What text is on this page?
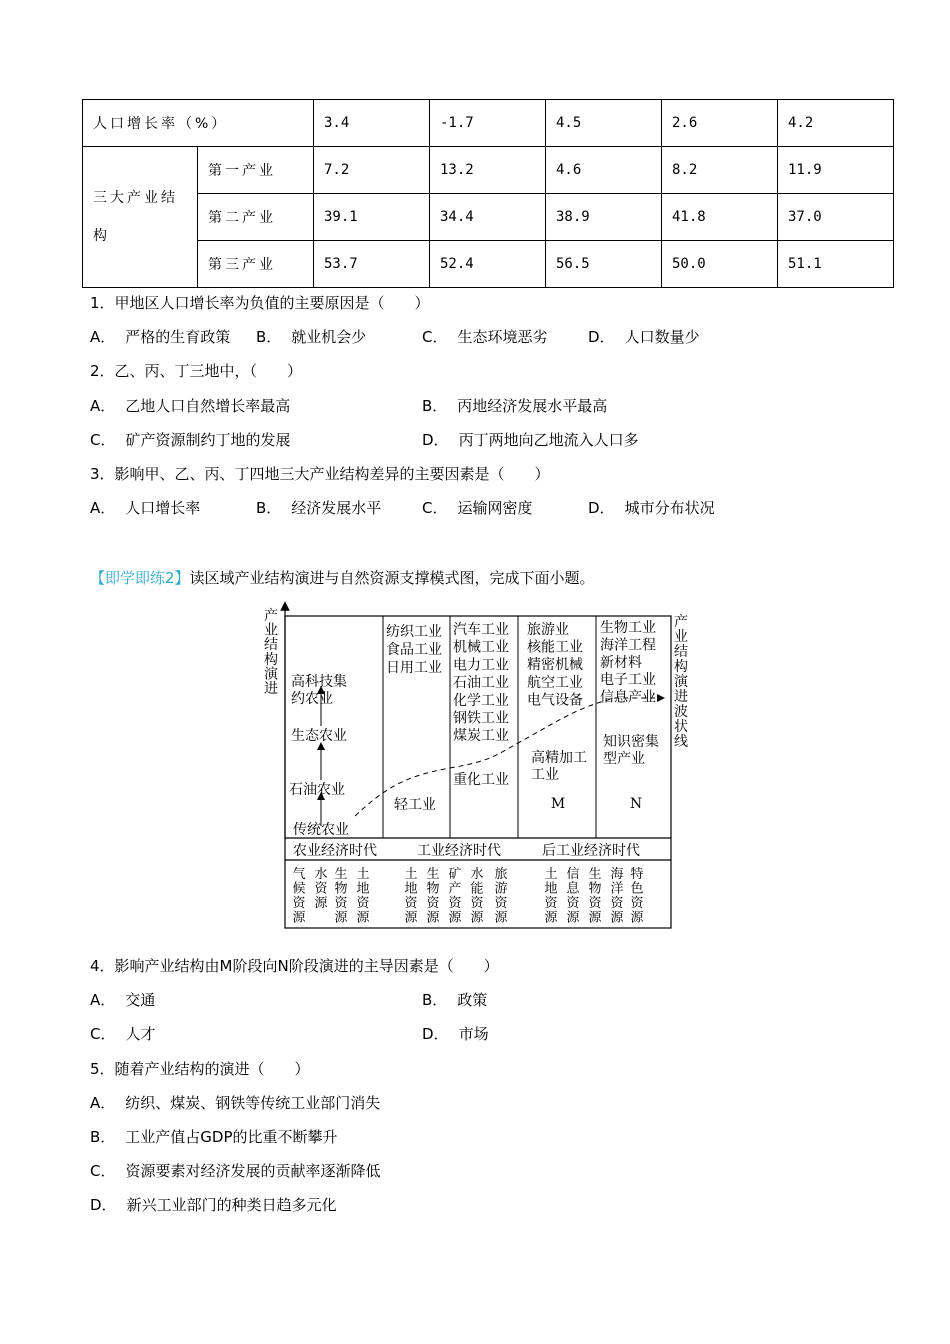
人口增长率（%）		3.4	-1.7	4.5	2.6	4.2
三大产业结构	第一产业	7.2	13.2	4.6	8.2	11.9
	第二产业	39.1	34.4	38.9	41.8	37.0
	第三产业	53.7	52.4	56.5	50.0	51.1
1．甲地区人口增长率为负值的主要原因是（　　）
A． 严格的生育政策 B． 就业机会少	C． 生态环境恶劣	D． 人口数量少
2．乙、丙、丁三地中，（　　）
A． 乙地人口自然增长率最高	B． 丙地经济发展水平最高
C． 矿产资源制约丁地的发展	D． 丙丁两地向乙地流入人口多
3．影响甲、乙、丙、丁四地三大产业结构差异的主要因素是（　　）
A． 人口增长率	B． 经济发展水平	C． 运输网密度	D． 城市分布状况
【即学即练2】读区域产业结构演进与自然资源支撑模式图，完成下面小题。
产
业
结
构
演
进
产
业
结
构
演
进
波
状
线
传统农业
石油农业
生态农业
高科技集
约农业
纺织工业
食品工业
日用工业
轻工业
汽车工业
机械工业
电力工业
石油工业
化学工业
钢铁工业
煤炭工业
重化工业
旅游业
核能工业
精密机械
航空工业
电气设备
高精加工
工业
M
生物工业
海洋工程
新材料
电子工业
信息产业
知识密集
型产业
N
农业经济时代	工业经济时代	后工业经济时代
气
候
资
源
水
资
源
生
物
资
源
土
地
资
源
土
地
资
源
生
物
资
源
矿
产
资
源
水
能
资
源
旅
游
资
源
土
地
资
源
信
息
资
源
生
物
资
源
海
洋
资
源
特
色
资
源
4．影响产业结构由M阶段向N阶段演进的主导因素是（　　）
A． 交通	B． 政策
C． 人才	D． 市场
5．随着产业结构的演进（　　）
A． 纺织、煤炭、钢铁等传统工业部门消失
B． 工业产值占GDP的比重不断攀升
C． 资源要素对经济发展的贡献率逐渐降低
D． 新兴工业部门的种类日趋多元化
